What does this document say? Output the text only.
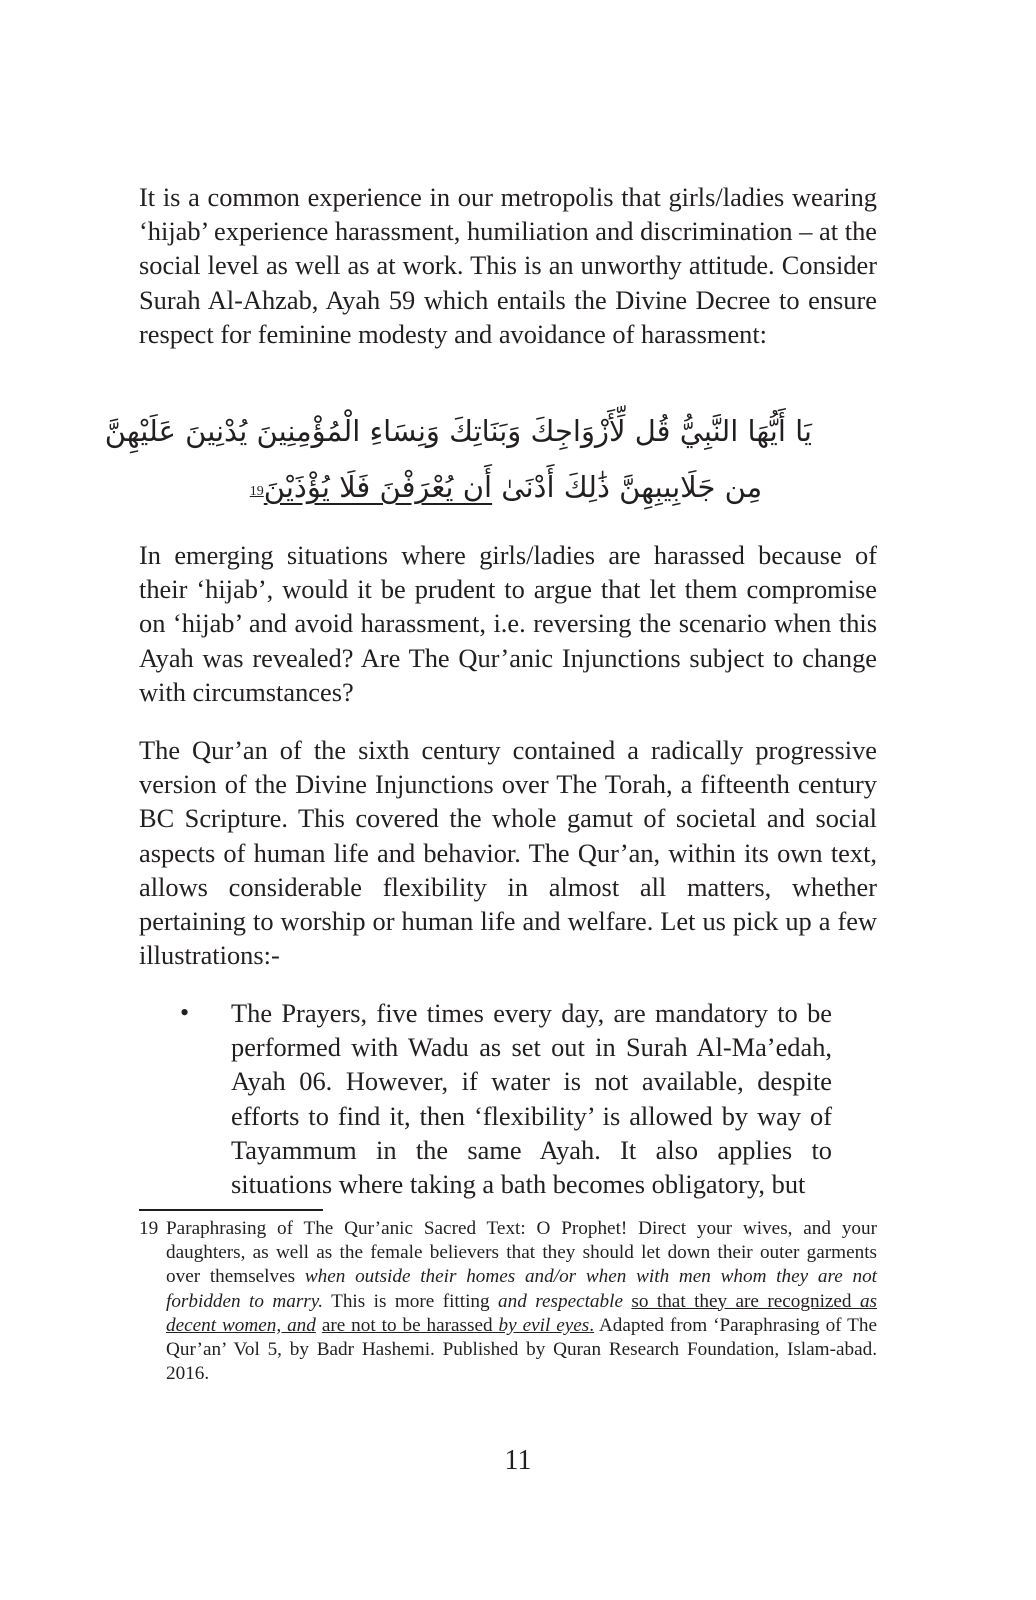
It is a common experience in our metropolis that girls/ladies wearing ‘hijab’ experience harassment, humiliation and discrimination – at the social level as well as at work. This is an unworthy attitude. Consider Surah Al-Ahzab, Ayah 59 which entails the Divine Decree to ensure respect for feminine modesty and avoidance of harassment:

يَا أَيُّهَا النَّبِيُّ قُل لِّأَزْوَاجِكَ وَبَنَاتِكَ وَنِسَاءِ الْمُؤْمِنِينَ يُدْنِينَ عَلَيْهِنَّ
مِن جَلَابِيبِهِنَّ ذَٰلِكَ أَدْنَىٰ أَن يُعْرَفْنَ فَلَا يُؤْذَيْنَ$^{19}$

In emerging situations where girls/ladies are harassed because of their ‘hijab’, would it be prudent to argue that let them compromise on ‘hijab’ and avoid harassment, i.e. reversing the scenario when this Ayah was revealed? Are The Qur’anic Injunctions subject to change with circumstances?

The Qur’an of the sixth century contained a radically progressive version of the Divine Injunctions over The Torah, a fifteenth century BC Scripture. This covered the whole gamut of societal and social aspects of human life and behavior. The Qur’an, within its own text, allows considerable flexibility in almost all matters, whether pertaining to worship or human life and welfare. Let us pick up a few illustrations:-

• The Prayers, five times every day, are mandatory to be performed with Wadu as set out in Surah Al-Ma’edah, Ayah 06. However, if water is not available, despite efforts to find it, then ‘flexibility’ is allowed by way of Tayammum in the same Ayah. It also applies to situations where taking a bath becomes obligatory, but

19 Paraphrasing of The Qur’anic Sacred Text: O Prophet! Direct your wives, and your daughters, as well as the female believers that they should let down their outer garments over themselves when outside their homes and/or when with men whom they are not forbidden to marry. This is more fitting and respectable so that they are recognized as decent women, and are not to be harassed by evil eyes. Adapted from ‘Paraphrasing of The Qur’an’ Vol 5, by Badr Hashemi. Published by Quran Research Foundation, Islam-abad. 2016.

11
